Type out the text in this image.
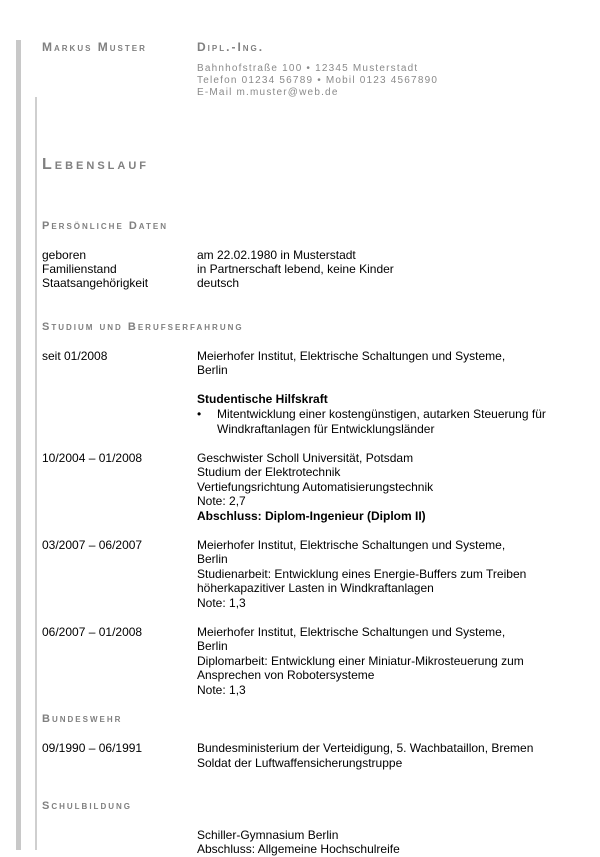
Markus Muster	Dipl.-Ing.
Bahnhofstraße 100 • 12345 Musterstadt
Telefon 01234 56789 • Mobil 0123 4567890
E-Mail m.muster@web.de
Lebenslauf
Persönliche Daten
geboren	am 22.02.1980 in Musterstadt
Familienstand	in Partnerschaft lebend, keine Kinder
Staatsangehörigkeit	deutsch
Studium und Berufserfahrung
seit 01/2008	Meierhofer Institut, Elektrische Schaltungen und Systeme,
Berlin
Studentische Hilfskraft
• Mitentwicklung einer kostengünstigen, autarken Steuerung für Windkraftanlagen für Entwicklungsländer
10/2004 – 01/2008	Geschwister Scholl Universität, Potsdam
Studium der Elektrotechnik
Vertiefungsrichtung Automatisierungstechnik
Note: 2,7
Abschluss: Diplom-Ingenieur (Diplom II)
03/2007 – 06/2007	Meierhofer Institut, Elektrische Schaltungen und Systeme,
Berlin
Studienarbeit: Entwicklung eines Energie-Buffers zum Treiben
höherkapazitiver Lasten in Windkraftanlagen
Note: 1,3
06/2007 – 01/2008	Meierhofer Institut, Elektrische Schaltungen und Systeme,
Berlin
Diplomarbeit: Entwicklung einer Miniatur-Mikrosteuerung zum
Ansprechen von Robotersysteme
Note: 1,3
Bundeswehr
09/1990 – 06/1991	Bundesministerium der Verteidigung, 5. Wachbataillon, Bremen
Soldat der Luftwaffensicherungstruppe
Schulbildung
Schiller-Gymnasium Berlin
Abschluss: Allgemeine Hochschulreife
